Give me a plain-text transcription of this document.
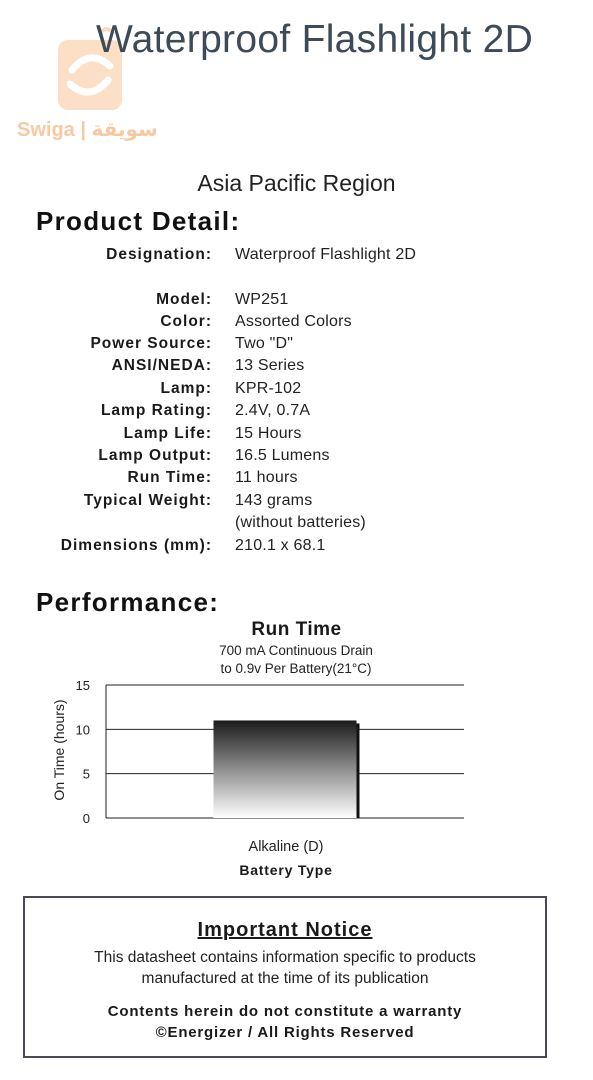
Swiga | سويقة
Waterproof Flashlight 2D
Asia Pacific Region
Product Detail:
Designation: Waterproof Flashlight 2D
Model: WP251
Color: Assorted Colors
Power Source: Two "D"
ANSI/NEDA: 13 Series
Lamp: KPR-102
Lamp Rating: 2.4V, 0.7A
Lamp Life: 15 Hours
Lamp Output: 16.5 Lumens
Run Time: 11 hours
Typical Weight: 143 grams
(without batteries)
Dimensions (mm): 210.1 x 68.1
Performance:
Run Time
700 mA Continuous Drain
to 0.9v Per Battery(21°C)
0
5
10
15
On Time (hours)
Alkaline (D)
Battery Type
Important Notice
This datasheet contains information specific to products
manufactured at the time of its publication
Contents herein do not constitute a warranty
©Energizer / All Rights Reserved
